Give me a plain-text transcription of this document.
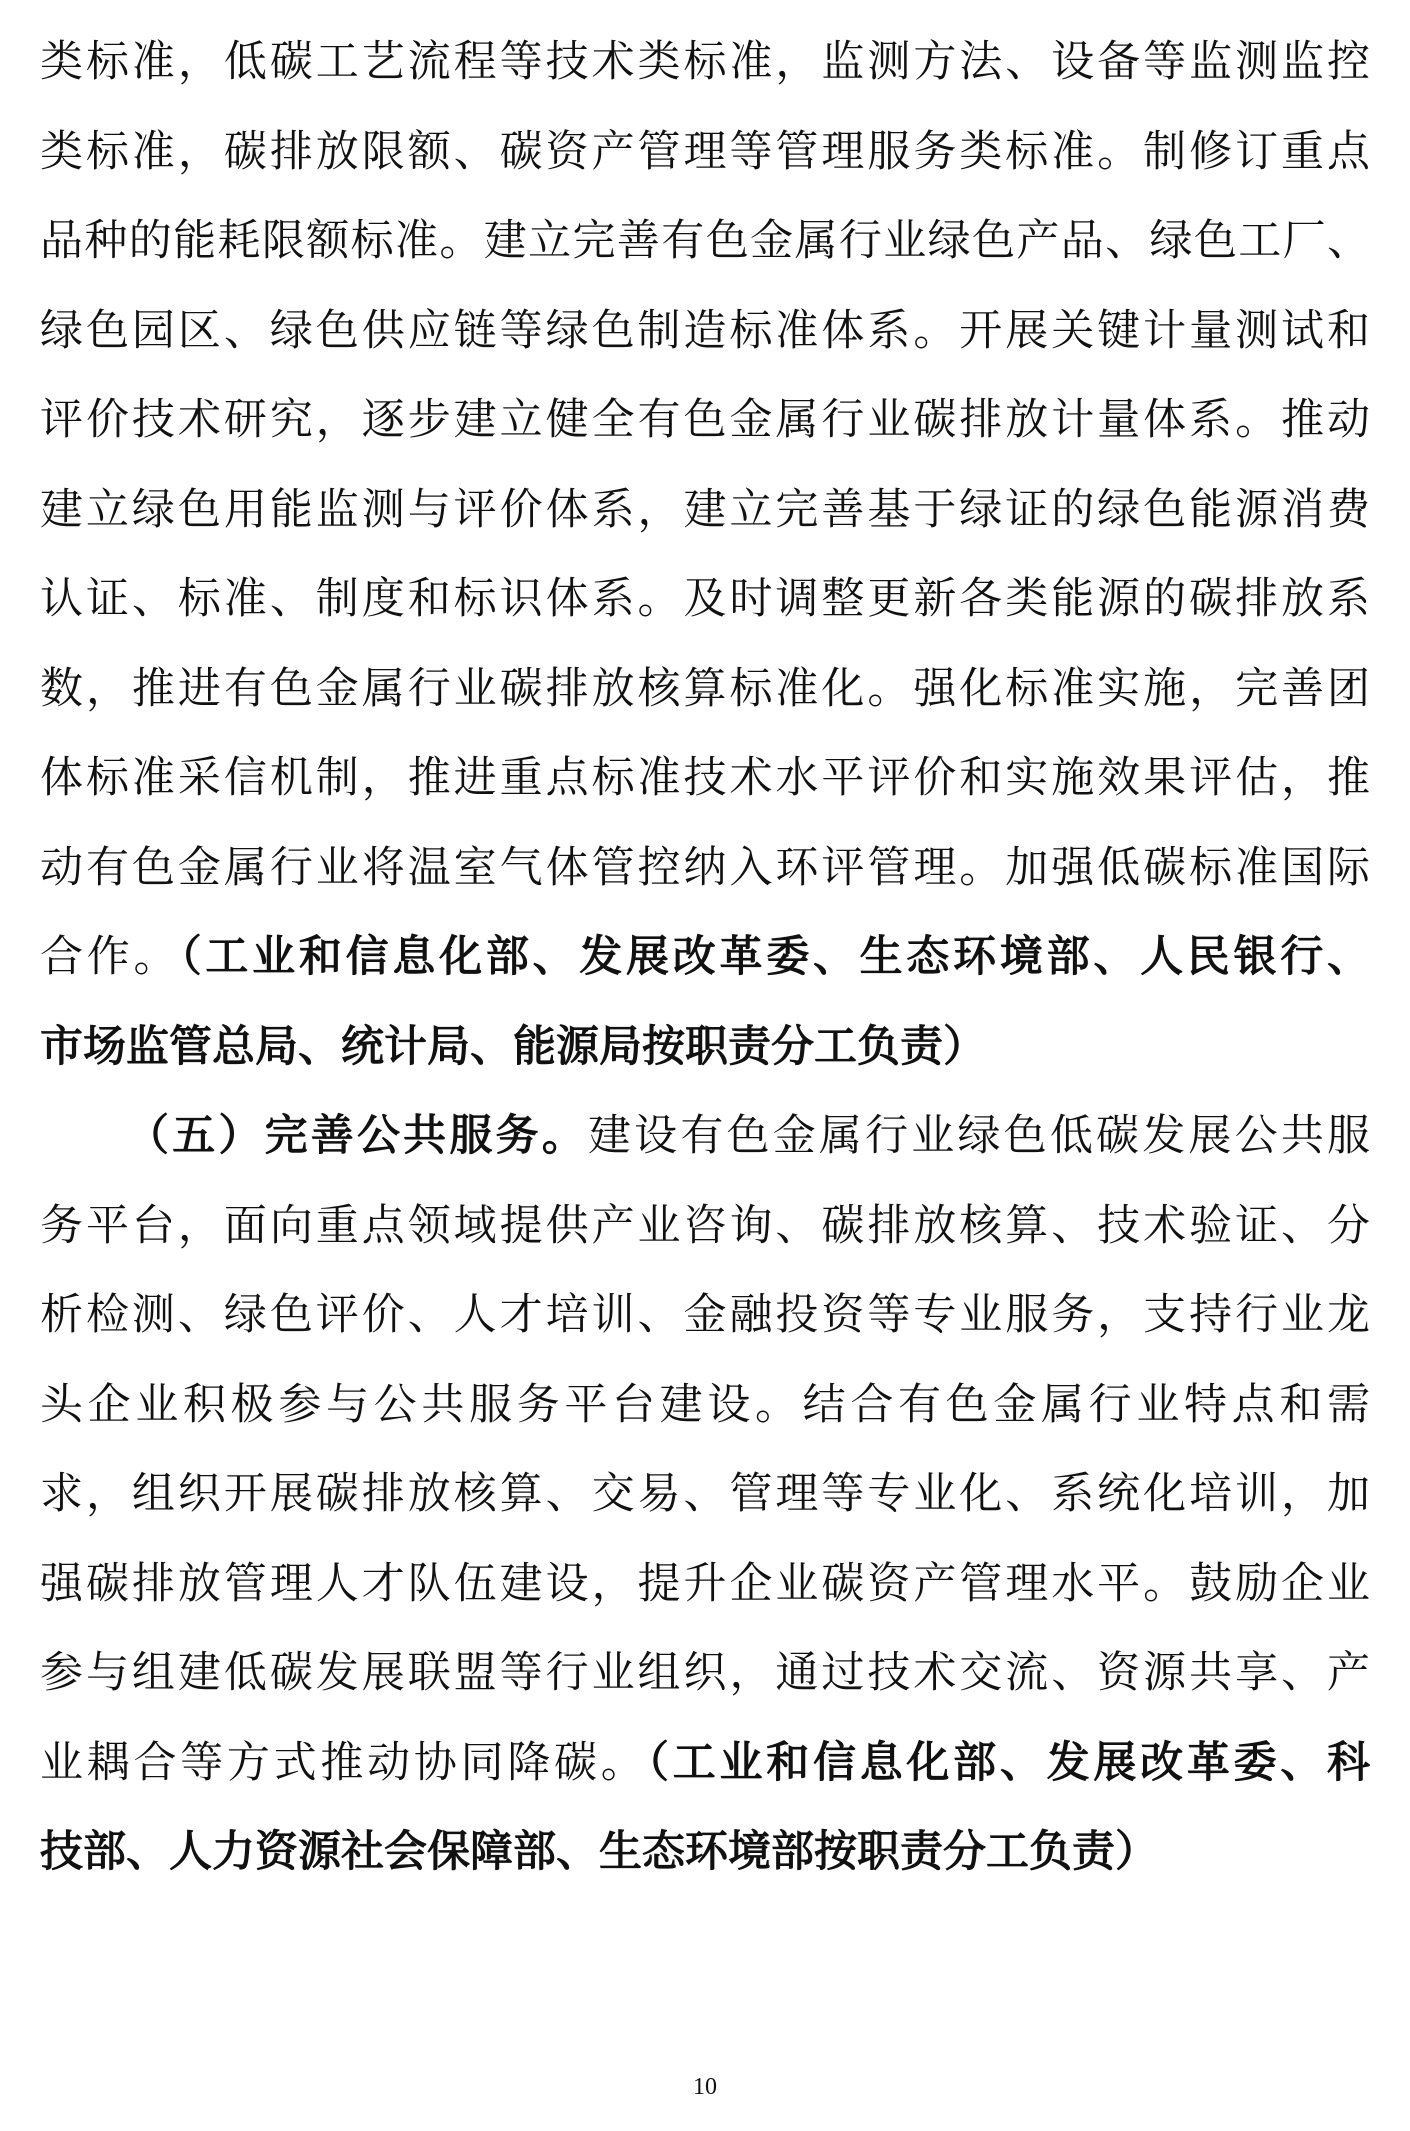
类标准，低碳工艺流程等技术类标准，监测方法、设备等监测监控
类标准，碳排放限额、碳资产管理等管理服务类标准。制修订重点
品种的能耗限额标准。建立完善有色金属行业绿色产品、绿色工厂、
绿色园区、绿色供应链等绿色制造标准体系。开展关键计量测试和
评价技术研究，逐步建立健全有色金属行业碳排放计量体系。推动
建立绿色用能监测与评价体系，建立完善基于绿证的绿色能源消费
认证、标准、制度和标识体系。及时调整更新各类能源的碳排放系
数，推进有色金属行业碳排放核算标准化。强化标准实施，完善团
体标准采信机制，推进重点标准技术水平评价和实施效果评估，推
动有色金属行业将温室气体管控纳入环评管理。加强低碳标准国际
合作。（工业和信息化部、发展改革委、生态环境部、人民银行、
市场监管总局、统计局、能源局按职责分工负责）
（五）完善公共服务。建设有色金属行业绿色低碳发展公共服
务平台，面向重点领域提供产业咨询、碳排放核算、技术验证、分
析检测、绿色评价、人才培训、金融投资等专业服务，支持行业龙
头企业积极参与公共服务平台建设。结合有色金属行业特点和需
求，组织开展碳排放核算、交易、管理等专业化、系统化培训，加
强碳排放管理人才队伍建设，提升企业碳资产管理水平。鼓励企业
参与组建低碳发展联盟等行业组织，通过技术交流、资源共享、产
业耦合等方式推动协同降碳。（工业和信息化部、发展改革委、科
技部、人力资源社会保障部、生态环境部按职责分工负责）
10
